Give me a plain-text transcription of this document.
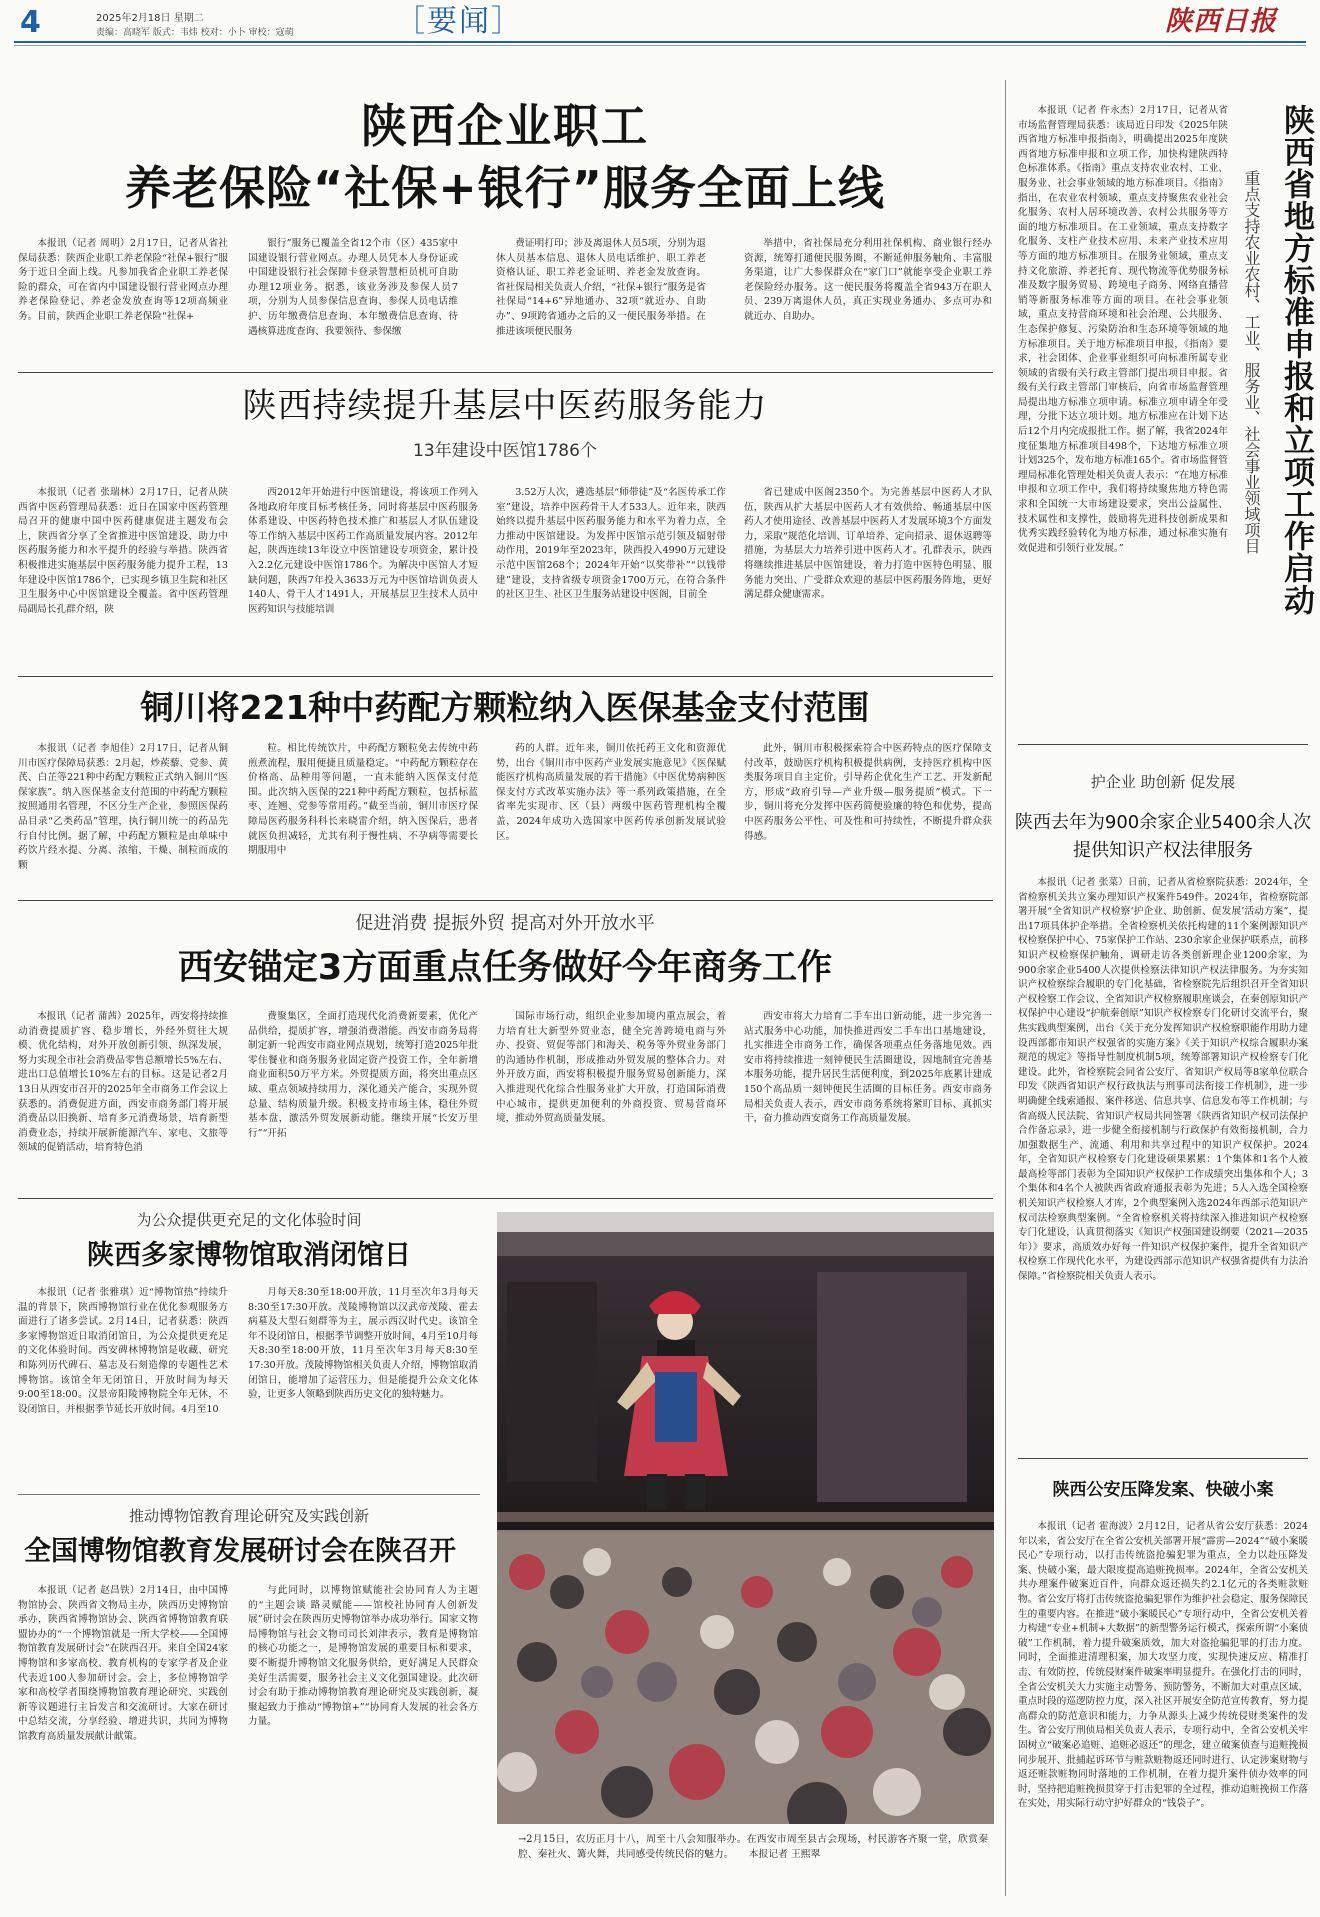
4	2025年2月18日 星期二
责编：高晓军 版式：韦炜 校对：小卜 审校：寇萌	［要闻］	陕西日报
陕西企业职工
养老保险“社保+银行”服务全面上线

本报讯（记者 周明）2月17日，记者从省社保局获悉：陕西企业职工养老保险“社保+银行”服务于近日全面上线。凡参加我省企业职工养老保险的群众，可在省内中国建设银行营业网点办理养老保险登记、养老金发放查询等12项高频业务。目前，陕西企业职工养老保险“社保+

银行”服务已覆盖全省12个市（区）435家中国建设银行营业网点。办理人员凭本人身份证或中国建设银行社会保障卡登录智慧柜员机可自助办理12项业务。据悉，该业务涉及参保人员7项，分别为人员参保信息查询、参保人员电话维护、历年缴费信息查询、本年缴费信息查询、待遇核算进度查询、我要领待、参保缴

费证明打印；涉及离退休人员5项，分别为退休人员基本信息、退休人员电话维护、职工养老资格认证、职工养老金证明、养老金发放查询。省社保局相关负责人介绍，“社保+银行”服务是省社保局“14+6”异地通办、32项“就近办、自助办”、9项跨省通办之后的又一便民服务举措。在推进该项便民服务

举措中，省社保局充分利用社保机构、商业银行经办资源，统筹打通便民服务圈，不断延伸服务触角、丰富服务渠道，让广大参保群众在“家门口”就能享受企业职工养老保险经办服务。这一便民服务将覆盖全省943万在职人员、239万离退休人员，真正实现业务通办、多点可办和就近办、自助办。

陕西持续提升基层中医药服务能力
13年建设中医馆1786个

本报讯（记者 张瑞林）2月17日，记者从陕西省中医药管理局获悉：近日在国家中医药管理局召开的健康中国中医药健康促进主题发布会上，陕西省分享了全省推进中医馆建设、助力中医药服务能力和水平提升的经验与举措。陕西省积极推进实施基层中医药服务能力提升工程，13年建设中医馆1786个，已实现乡镇卫生院和社区卫生服务中心中医馆建设全覆盖。省中医药管理局副局长孔群介绍，陕

西2012年开始进行中医馆建设，将该项工作列入各地政府年度目标考核任务，同时将基层中医药服务体系建设、中医药特色技术推广和基层人才队伍建设等工作纳入基层中医药工作高质量发展内容。2012年起，陕西连续13年设立中医馆建设专项资金，累计投入2.2亿元建设中医馆1786个。为解决中医馆人才短缺问题，陕西7年投入3633万元为中医馆培训负责人140人、骨干人才1491人，开展基层卫生技术人员中医药知识与技能培训

3.52万人次，遴选基层“师带徒”及“名医传承工作室”建设，培养中医药骨干人才533人。近年来，陕西始终以提升基层中医药服务能力和水平为着力点，全力推动中医馆建设。为发挥中医馆示范引领及辐射带动作用，2019年至2023年，陕西投入4990万元建设示范中医馆268个；2024年开始“以奖带补”“以钱带建”建设，支持省级专项资金1700万元，在符合条件的社区卫生、社区卫生服务站建设中医阁，目前全

省已建成中医阁2350个。为完善基层中医药人才队伍，陕西从扩大基层中医药人才有效供给、畅通基层中医药人才使用途径、改善基层中医药人才发展环境3个方面发力，采取“规范化培训、订单培养、定向招录、退休返聘等措施，为基层大力培养引进中医药人才。孔群表示，陕西将继续推进基层中医馆建设，着力打造中医特色明显、服务能力突出、广受群众欢迎的基层中医药服务阵地，更好满足群众健康需求。

铜川将221种中药配方颗粒纳入医保基金支付范围

本报讯（记者 李旭佳）2月17日，记者从铜川市医疗保障局获悉：2月起，炒蒺藜、党参、黄芪、白芷等221种中药配方颗粒正式纳入铜川“医保家族”。纳入医保基金支付范围的中药配方颗粒按照通用名管理，不区分生产企业，参照医保药品目录“乙类药品”管理，执行铜川统一的药品先行自付比例。据了解，中药配方颗粒是由单味中药饮片经水提、分离、浓缩、干燥、制粒而成的颗

粒。相比传统饮片，中药配方颗粒免去传统中药煎煮流程，服用便捷且质量稳定。“中药配方颗粒存在价格高、品种用等问题，一直未能纳入医保支付范围。此次纳入医保的221种中药配方颗粒，包括标蓝枣、连翘、党参等常用药。”截至当前，铜川市医疗保障局医药服务科科长来晓雷介绍，纳入医保后，患者就医负担减轻，尤其有利于慢性病、不孕病等需要长期服用中

药的人群。近年来，铜川依托药王文化和资源优势，出台《铜川市中医药产业发展实施意见》《医保赋能医疗机构高质量发展的若干措施》《中医优势病种医保支付方式改革实施办法》等一系列政策措施，在全省率先实现市、区（县）两级中医药管理机构全覆盖，2024年成功入选国家中医药传承创新发展试验区。

此外，铜川市积极探索符合中医药特点的医疗保障支付改革，鼓励医疗机构积极提供病例，支持医疗机构中医类服务项目自主定价，引导药企优化生产工艺、开发新配方，形成“政府引导—产业升级—服务提质”模式。下一步，铜川将充分发挥中医药简便验廉的特色和优势，提高中医药服务公平性、可及性和可持续性，不断提升群众获得感。

促进消费 提振外贸 提高对外开放水平
西安锚定3方面重点任务做好今年商务工作

本报讯（记者 蒲茜）2025年，西安将持续推动消费提质扩容、稳步增长，外经外贸往大规模、优化结构，对外开放创新引领、纵深发展，努力实现全市社会消费品零售总额增长5%左右、进出口总值增长10%左右的目标。这是记者2月13日从西安市召开的2025年全市商务工作会议上获悉的。消费促进方面，西安市商务部门将开展消费品以旧换新、培育多元消费场景，培育新型消费业态，持续开展新能源汽车、家电、文旅等领域的促销活动，培育特色消

费聚集区，全面打造现代化消费新要素，优化产品供给，提质扩容，增强消费潜能。西安市商务局将制定新一轮西安市商业网点规划，统筹打造2025年批零住餐业和商务服务业固定资产投资工作，全年新增商业面积50万平方米。外贸提质方面，将突出重点区域、重点领域持续用力，深化通关产能合，实现外贸总量、结构质量升级。积极支持市场主体，稳住外贸基本盘，激活外贸发展新动能。继续开展“长安万里行”“开拓

国际市场行动，组织企业参加境内重点展会，着力培育壮大新型外贸业态，健全完善跨境电商与外办、投资、贸促等部门和海关、税务等外贸业务部门的沟通协作机制，形成推动外贸发展的整体合力。对外开放方面，西安将积极提升服务贸易创新能力，深入推进现代化综合性服务业扩大开放，打造国际消费中心城市，提供更加便利的外商投资、贸易营商环境，推动外贸高质量发展。

西安市将大力培育二手车出口新动能，进一步完善一站式服务中心功能，加快推进西安二手车出口基地建设，扎实推进全市商务工作，确保各项重点任务落地见效。西安市将持续推进一刻钟便民生活圈建设，因地制宜完善基本服务功能，提升居民生活便利度，到2025年底累计建成150个高品质一刻钟便民生活圈的目标任务。西安市商务局相关负责人表示，西安市商务系统将紧盯目标、真抓实干，奋力推动西安商务工作高质量发展。

为公众提供更充足的文化体验时间
陕西多家博物馆取消闭馆日

本报讯（记者 张雅琪）近“博物馆热”持续升温的背景下，陕西博物馆行业在优化参观服务方面进行了诸多尝试。2月14日，记者获悉：陕西多家博物馆近日取消闭馆日，为公众提供更充足的文化体验时间。西安碑林博物馆是收藏、研究和陈列历代碑石、墓志及石刻造像的专题性艺术博物馆。该馆全年无闭馆日，开放时间为每天9:00至18:00。汉景帝阳陵博物院全年无休，不设闭馆日，并根据季节延长开放时间。4月至10

月每天8:30至18:00开放，11月至次年3月每天8:30至17:30开放。茂陵博物馆以汉武帝茂陵、霍去病墓及大型石刻群等为主，展示西汉时代史。该馆全年不设闭馆日，根据季节调整开放时间，4月至10月每天8:30至18:00开放，11月至次年3月每天8:30至17:30开放。茂陵博物馆相关负责人介绍，博物馆取消闭馆日，能增加了运营压力，但是能提升公众文化体验，让更多人领略到陕西历史文化的独特魅力。

推动博物馆教育理论研究及实践创新
全国博物馆教育发展研讨会在陕召开

本报讯（记者 赵昌铁）2月14日，由中国博物馆协会、陕西省文物局主办，陕西历史博物馆承办，陕西省博物馆协会、陕西省博物馆教育联盟协办的“一个博物馆就是一所大学校——全国博物馆教育发展研讨会”在陕西召开。来自全国24家博物馆和多家高校、教育机构的专家学者及企业代表近100人参加研讨会。会上，多位博物馆学家和高校学者围绕博物馆教育理论研究、实践创新等议题进行主旨发言和交流研讨。大家在研讨中总结交流，分享经验、增进共识，共同为博物馆教育高质量发展献计献策。

与此同时，以博物馆赋能社会协同育人为主题的“主题会谈 路灵赋能——馆校社协同育人创新发展”研讨会在陕西历史博物馆举办成功举行。国家文物局博物馆与社会文物司司长刘津表示，教育是博物馆的核心功能之一，是博物馆发展的重要目标和要求，要不断提升博物馆文化服务供给，更好满足人民群众美好生活需要，服务社会主义文化强国建设。此次研讨会有助于推动博物馆教育理论研究及实践创新，凝聚起致力于推动“博物馆+”“协同育人发展的社会各方力量。

→2月15日，农历正月十八，周至十八会知服举办。在西安市周至县古会现场，村民游客齐聚一堂，欣赏秦腔、秦社火、篝火舞，共同感受传统民俗的魅力。 本报记者 王熙翠

本报讯（记者 仵永杰）2月17日，记者从省市场监督管理局获悉：该局近日印发《2025年陕西省地方标准申报指南》，明确提出2025年度陕西省地方标准申报和立项工作，加快构建陕西特色标准体系。《指南》重点支持农业农村、工业、服务业、社会事业领域的地方标准项目。《指南》指出，在农业农村领域，重点支持聚焦农业社会化服务、农村人居环境改善、农村公共服务等方面的地方标准项目。在工业领域，重点支持数字化服务、支柱产业技术应用、未来产业技术应用等方面的地方标准项目。在服务业领域，重点支持文化旅游、养老托育、现代物流等优势服务标准及数字服务贸易、跨境电子商务、网络直播营销等新服务标准等方面的项目。在社会事业领域，重点支持营商环境和社会治理、公共服务、生态保护修复、污染防治和生态环境等领域的地方标准项目。关于地方标准项目申报，《指南》要求，社会团体、企业事业组织可向标准所属专业领域的省级有关行政主管部门提出项目申报。省级有关行政主管部门审核后，向省市场监督管理局提出地方标准立项申请。标准立项申请全年受理，分批下达立项计划。地方标准应在计划下达后12个月内完成报批工作。据了解，我省2024年度征集地方标准项目498个，下达地方标准立项计划325个，发布地方标准165个。省市场监督管理局标准化管理处相关负责人表示：“在地方标准申报和立项工作中，我们将持续聚焦地方特色需求和全国统一大市场建设要求，突出公益属性、技术属性和支撑性，鼓励将先进科技创新成果和优秀实践经验转化为地方标准，通过标准实施有效促进和引领行业发展。”	陕西省地方标准申报和立项工作启动
重点支持农业农村、工业、服务业、社会事业领域项目
护企业 助创新 促发展
陕西去年为900余家企业5400余人次
提供知识产权法律服务

本报讯（记者 张菜）日前，记者从省检察院获悉：2024年，全省检察机关共立案办理知识产权案件549件。2024年，省检察院部署开展“全省知识产权检察‘护企业、助创新、促发展’活动方案”，提出17项具体护企举措。全省检察机关依托构建的11个案例源知识产权检察保护中心、75家保护工作站、230余家企业保护联系点，前移知识产权检察保护触角，调研走访各类创新理企业1200余家，为900余家企业5400人次提供检察法律知识产权法律服务。为夯实知识产权检察综合履职的专门化基础，省检察院先后组织召开全省知识产权检察工作会议、全省知识产权检察履职座谈会，在秦创原知识产权保护中心建设“护航秦创原”知识产权检察专门化研讨交流平台，聚焦实践典型案例，出台《关于充分发挥知识产权检察职能作用助力建设西部都市知识产权强省的实施方案》《关于知识产权综合履职办案规范的规定》等指导性制度机制5项，统筹部署知识产权检察专门化建设。此外，省检察院会同省公安厅、省知识产权局等8家单位联合印发《陕西省知识产权行政执法与刑事司法衔接工作机制》，进一步明确健全线索通报、案件移送、信息共享、信息发布等工作机制；与省高级人民法院、省知识产权局共同签署《陕西省知识产权司法保护合作备忘录》，进一步健全衔接机制与行政保护有效衔接机制，合力加强数据生产、流通、利用和共享过程中的知识产权保护。2024年，全省知识产权检察专门化建设硕果累累：1个集体和1名个人被最高检等部门表彰为全国知识产权保护工作成绩突出集体和个人；3个集体和4名个人被陕西省政府通报表彰为先进；5人入选全国检察机关知识产权检察人才库，2个典型案例入选2024年西部示范知识产权司法检察典型案例。“全省检察机关将持续深入推进知识产权检察专门化建设，认真贯彻落实《知识产权强国建设纲要（2021—2035年）》要求，高质效办好每一件知识产权保护案件，提升全省知识产权检察工作现代化水平，为建设西部示范知识产权强省提供有力法治保障。”省检察院相关负责人表示。

陕西公安压降发案、快破小案

本报讯（记者 霍海波）2月12日，记者从省公安厅获悉：2024年以来，省公安厅在全省公安机关部署开展“霹雳—2024”“破小案暖民心”专项行动，以打击传统盗抢骗犯罪为重点，全力以赴压降发案、快破小案，最大限度提高追赃挽损率。2024年，全省公安机关共办理案件破案近百件，向群众返还损失约2.1亿元的各类赃款赃物。省公安厅将打击传统盗抢骗犯罪作为维护社会稳定、服务保障民生的重要内容。在推进“破小案暖民心”专项行动中，全省公安机关着力构建“专业+机制+大数据”的新型警务运行模式，探索所谓“小案侦破”工作机制，着力提升破案质效，加大对盗抢骗犯罪的打击力度。同时，全面推进清理积案，加大攻坚力度，实现快速反应、精准打击、有效防控，传统侵财案件破案率明显提升。在强化打击的同时，全省公安机关大力实施主动警务、预防警务，不断加大对重点区域、重点时段的巡逻防控力度，深入社区开展安全防范宣传教育，努力提高群众的防范意识和能力，力争从源头上减少传统侵财类案件的发生。省公安厅刑侦局相关负责人表示，专项行动中，全省公安机关牢固树立“破案必追赃、追赃必返还”的理念，建立破案侦查与追赃挽损同步展开、批捕起诉环节与赃款赃物返还同时进行、认定涉案财物与返还赃款赃物同时落地的工作机制，在着力提升案件侦办效率的同时，坚持把追赃挽损贯穿于打击犯罪的全过程，推动追赃挽损工作落在实处，用实际行动守护好群众的“钱袋子”。
